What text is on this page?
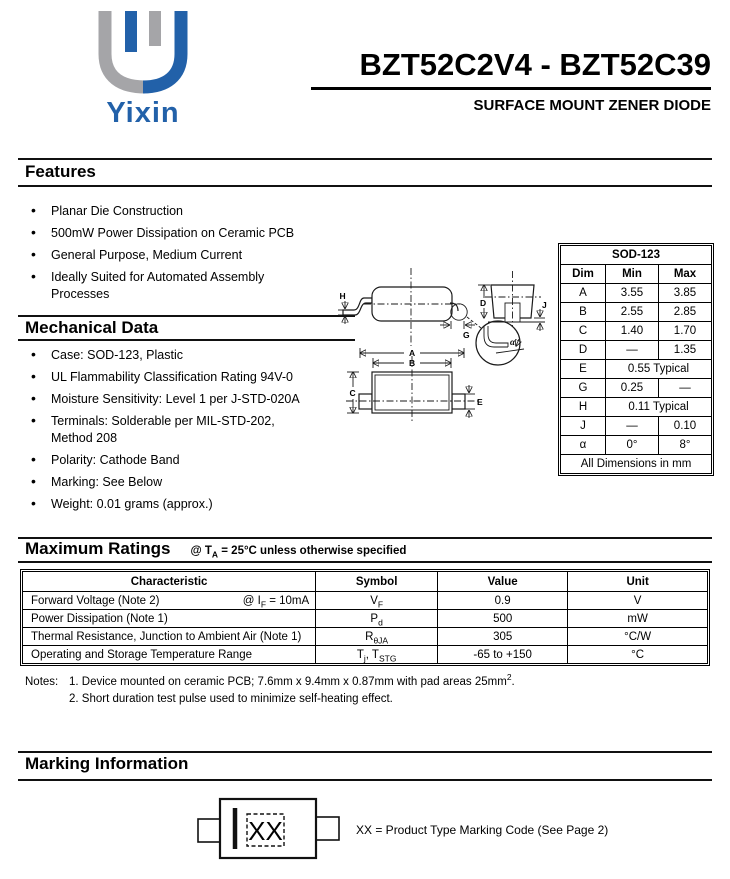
Yixin
BZT52C2V4 - BZT52C39
SURFACE MOUNT ZENER DIODE
Features
• Planar Die Construction
• 500mW Power Dissipation on Ceramic PCB
• General Purpose, Medium Current
• Ideally Suited for Automated Assembly Processes
Mechanical Data
• Case: SOD-123, Plastic
• UL Flammability Classification Rating 94V-0
• Moisture Sensitivity: Level 1 per J-STD-020A
• Terminals: Solderable per MIL-STD-202, Method 208
• Polarity: Cathode Band
• Marking: See Below
• Weight: 0.01 grams (approx.)
H
G
D	J
α
A
B
C
E
SOD-123		
Dim	Min	Max
A	3.55	3.85
B	2.55	2.85
C	1.40	1.70
D	—	1.35
E	0.55 Typical	
G	0.25	—
H	0.11 Typical	
J	—	0.10
α	0°	8°
All Dimensions in mm		
Maximum Ratings @ $T_A = 25^\circ C$ unless otherwise specified
Characteristic	Symbol	Value	Unit

Forward Voltage (Note 2) @ $I_F = 10mA$	$V_F$	0.9	V
Power Dissipation (Note 1)	$P_d$	500	mW
Thermal Resistance, Junction to Ambient Air (Note 1)	$R_{\theta JA}$	305	°C/W
Operating and Storage Temperature Range	$T_j$, $T_{STG}$	-65 to +150	°C
Notes: 1. Device mounted on ceramic PCB; 7.6mm x 9.4mm x 0.87mm with pad areas $25mm^2$.
2. Short duration test pulse used to minimize self-heating effect.
Marking Information
XX	XX = Product Type Marking Code (See Page 2)
